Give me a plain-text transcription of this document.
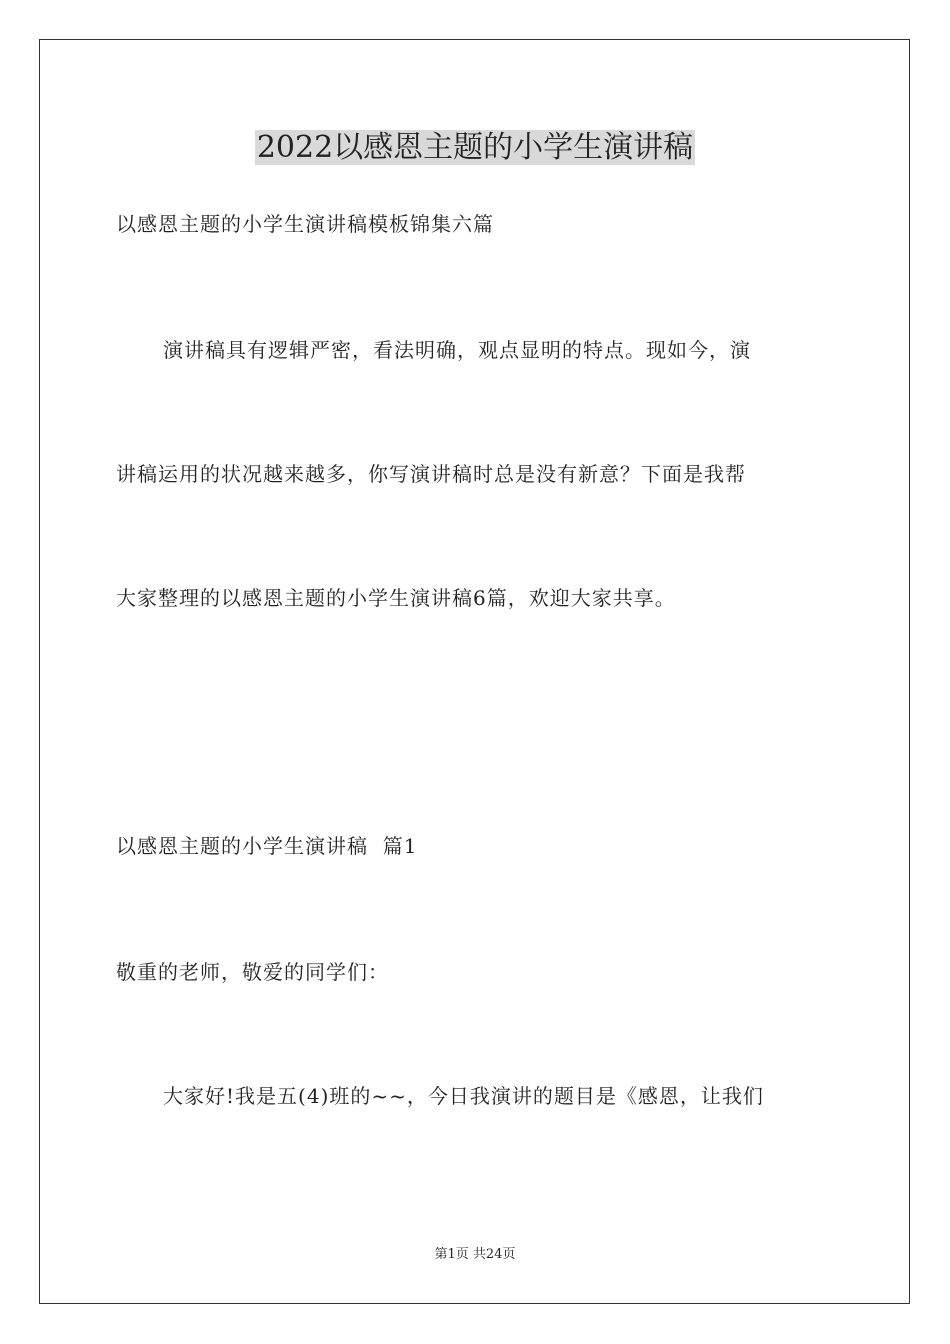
2022以感恩主题的小学生演讲稿
以感恩主题的小学生演讲稿模板锦集六篇
演讲稿具有逻辑严密，看法明确，观点显明的特点。现如今，演
讲稿运用的状况越来越多，你写演讲稿时总是没有新意？下面是我帮
大家整理的以感恩主题的小学生演讲稿6篇，欢迎大家共享。
以感恩主题的小学生演讲稿  篇1
敬重的老师，敬爱的同学们：
大家好!我是五(4)班的~~，今日我演讲的题目是《感恩，让我们
第1页 共24页
